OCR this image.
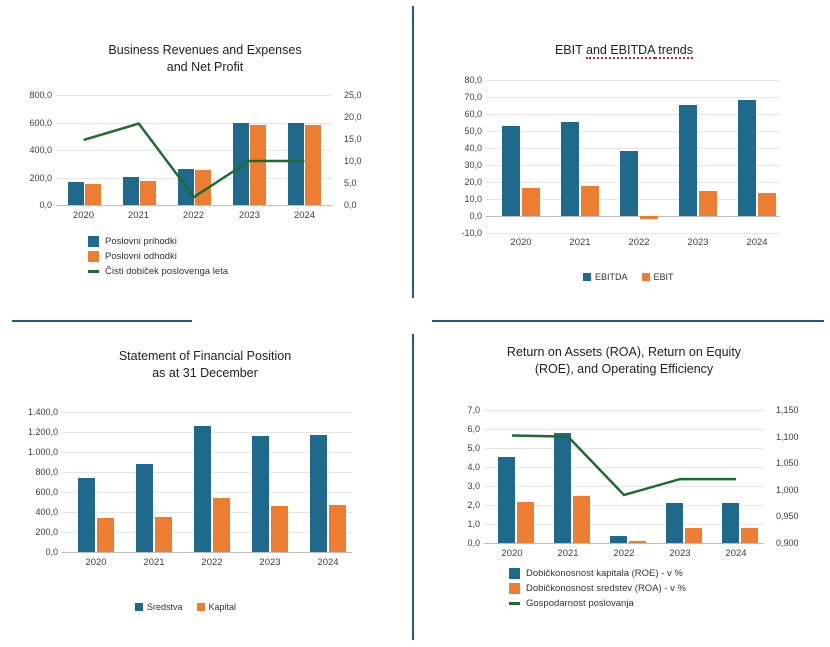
Business Revenues and Expenses
and Net Profit
800,0
600,0
400,0
200,0
0,0
25,0
20,0
15,0
10,0
5,0
0,0
2020	2021	2022	2023	2024
Poslovni prihodki
Poslovni odhodki
Čisti dobiček poslovenga leta
EBIT and EBITDA trends
80,0
70,0
60,0
50,0
40,0
30,0
20,0
10,0
0,0
-10,0
2020	2021	2022	2023	2024
EBITDA	EBIT
Statement of Financial Position
as at 31 December
1.400,0
1.200,0
1.000,0
800,0
600,0
400,0
200,0
0,0
2020	2021	2022	2023	2024
Sredstva	Kapital
Return on Assets (ROA), Return on Equity
(ROE), and Operating Efficiency
7,0
6,0
5,0
4,0
3,0
2,0
1,0
0,0
1,150
1,100
1,050
1,000
0,950
0,900
2020	2021	2022	2023	2024
Dobičkonosnost kapitala (ROE) - v %
Dobičkonosnost sredstev (ROA) - v %
Gospodarnost poslovanja
